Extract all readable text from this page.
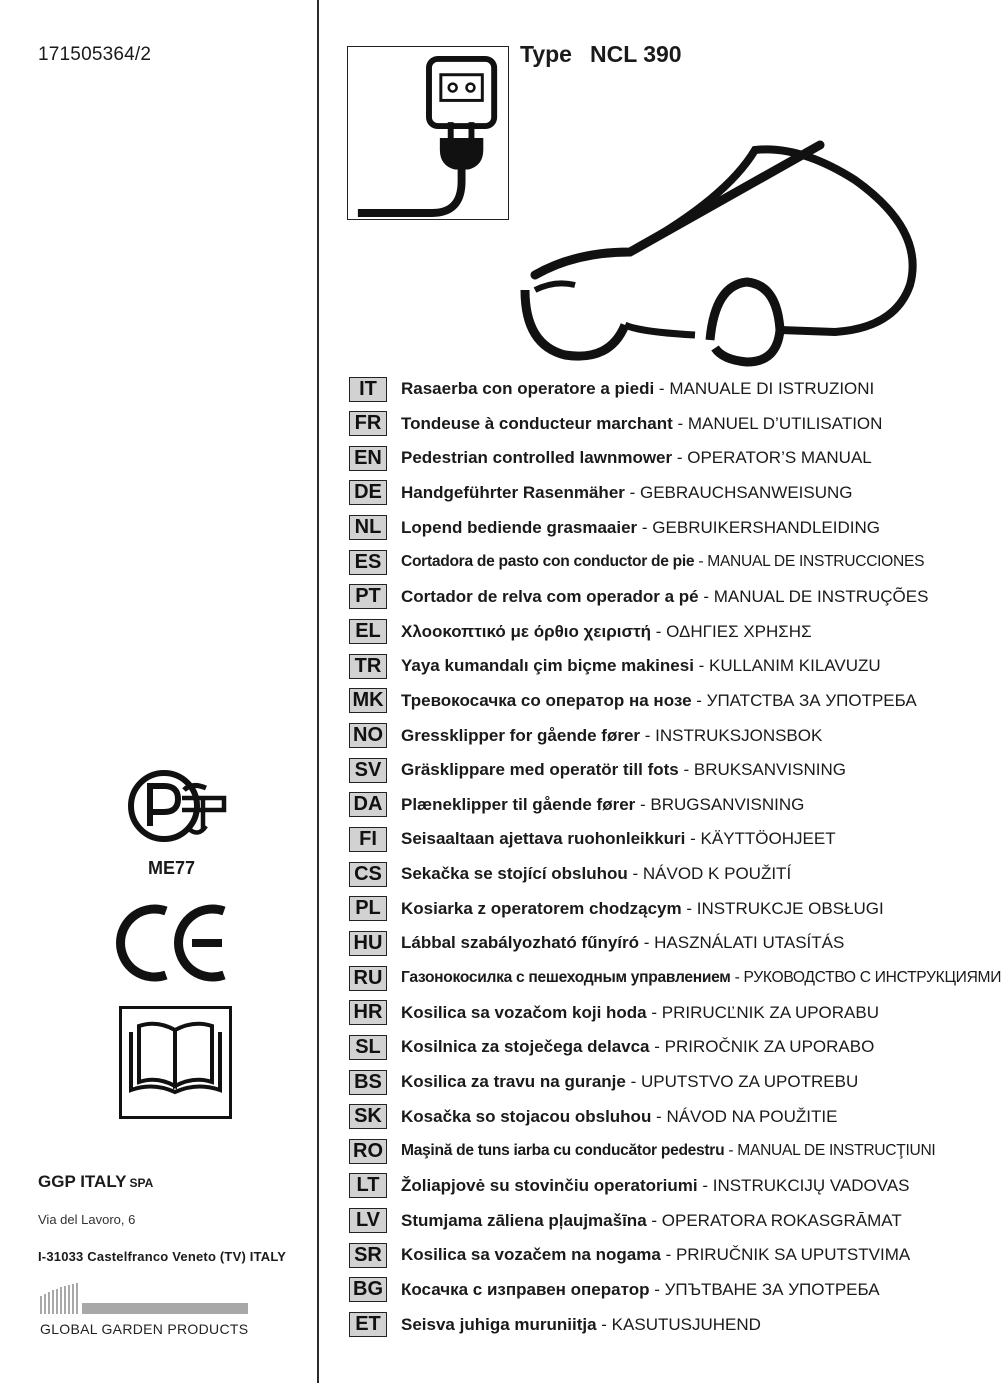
171505364/2	Type NCL 390
IT	Rasaerba con operatore a piedi - MANUALE DI ISTRUZIONI
FR	Tondeuse à conducteur marchant - MANUEL D’UTILISATION
EN	Pedestrian controlled lawnmower - OPERATOR’S MANUAL
DE	Handgeführter Rasenmäher - GEBRAUCHSANWEISUNG
NL	Lopend bediende grasmaaier - GEBRUIKERSHANDLEIDING
ES	Cortadora de pasto con conductor de pie - MANUAL DE INSTRUCCIONES
PT	Cortador de relva com operador a pé - MANUAL DE INSTRUÇÕES
EL	Χλοοκοπτικό με όρθιο χειριστή - ΟΔΗΓΙΕΣ ΧΡΗΣΗΣ
TR	Yaya kumandalı çim biçme makinesi - KULLANIM KILAVUZU
MK Тревокосачка со оператор на нозе - УПАТСТВА ЗА УПОТРЕБА
NO Gressklipper for gående fører - INSTRUKSJONSBOK
SV	Gräsklippare med operatör till fots - BRUKSANVISNING
DA Plæneklipper til gående fører - BRUGSANVISNING
FI	Seisaaltaan ajettava ruohonleikkuri - KÄYTTÖOHJEET
CS	Sekačka se stojící obsluhou - NÁVOD K POUŽITÍ
PL	Kosiarka z operatorem chodzącym - INSTRUKCJE OBSŁUGI
HU Lábbal szabályozható fűnyíró - HASZNÁLATI UTASÍTÁS
RU Газонокосилка с пешеходным управлением - РУКОВОДСТВО С ИНСТРУКЦИЯМИ
HR Kosilica sa vozačom koji hoda - PRIRUCĽNIK ZA UPORABU
SL	Kosilnica za stoječega delavca - PRIROČNIK ZA UPORABO
BS	Kosilica za travu na guranje - UPUTSTVO ZA UPOTREBU
SK	Kosačka so stojacou obsluhou - NÁVOD NA POUŽITIE
RO Maşină de tuns iarba cu conducător pedestru - MANUAL DE INSTRUCŢIUNI
LT	Žoliapjovė su stovinčiu operatoriumi - INSTRUKCIJŲ VADOVAS
LV	Stumjama zāliena pļaujmašīna - OPERATORA ROKASGRĀMAT
SR	Kosilica sa vozačem na nogama - PRIRUČNIK SA UPUTSTVIMA
BG Косачка с изправен оператор - УПЪТВАНЕ ЗА УПОТРЕБА
ET	Seisva juhiga muruniitja - KASUTUSJUHEND
ME77
GGP ITALY SPA
Via del Lavoro, 6
I-31033 Castelfranco Veneto (TV) ITALY
GLOBAL GARDEN PRODUCTS
